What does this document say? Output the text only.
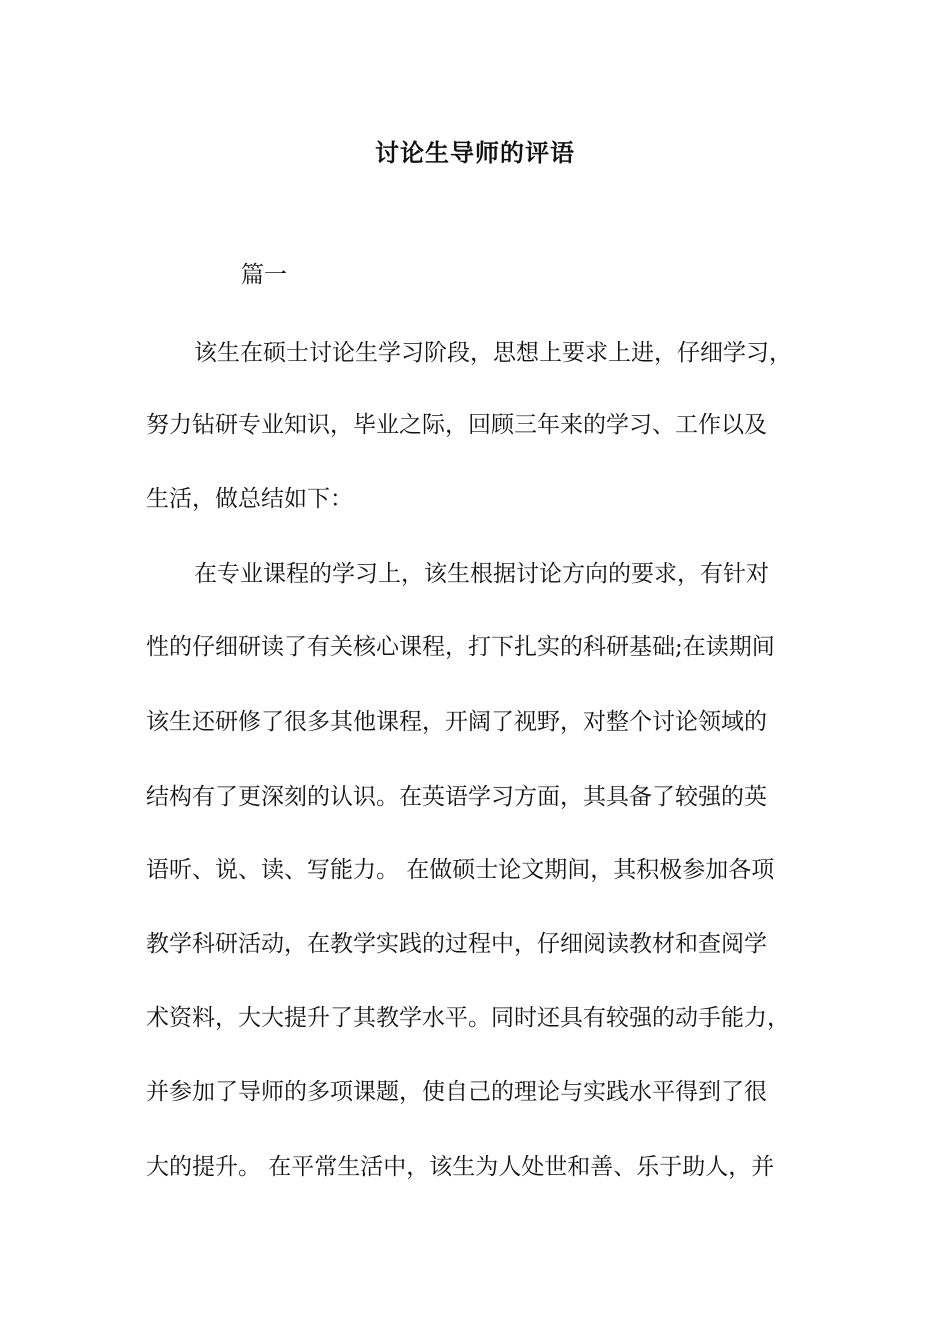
讨论生导师的评语
篇一
该生在硕士讨论生学习阶段，思想上要求上进，仔细学习，
努力钻研专业知识，毕业之际，回顾三年来的学习、工作以及
生活，做总结如下：
在专业课程的学习上，该生根据讨论方向的要求，有针对
性的仔细研读了有关核心课程，打下扎实的科研基础;在读期间
该生还研修了很多其他课程，开阔了视野，对整个讨论领域的
结构有了更深刻的认识。在英语学习方面，其具备了较强的英
语听、说、读、写能力。 在做硕士论文期间，其积极参加各项
教学科研活动，在教学实践的过程中，仔细阅读教材和查阅学
术资料，大大提升了其教学水平。同时还具有较强的动手能力，
并参加了导师的多项课题，使自己的理论与实践水平得到了很
大的提升。 在平常生活中，该生为人处世和善、乐于助人，并
